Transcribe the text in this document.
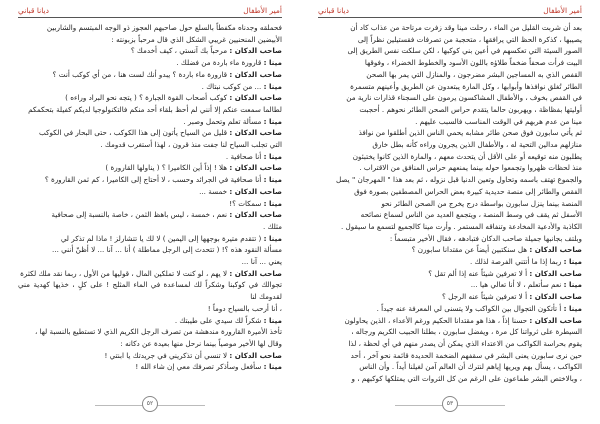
أمير الأطفال
ديانا قباني

فحملقه وجدناه مكفطاً بالسلع حول صاحبهم العجوز ذو الوجه المبتسم والشاربين

الأبيضين المنحنيين غريبي الشكل الذي قال مرحباً بزبونته :

صاحب الدكان : مرحباً بك آنستي ، كيف أخدمك ؟

مينا : قارورة ماء باردة من فضلك .

صاحب الدكان : قارورة ماء باردة ؟ يبدو أنك لست هنا ، من أي كوكب أنت ؟

مينا : ... من كوكب نبتاك .

صاحب الدكان : كوكب أصحاب القوة الجبارة ؟ ( يتجه نحو البراد وراءه )

لطالما سمعت عنكم إلا أنني لم أحظ بلقاء أحد منكم فالتكنولوجيا لديكم كفيلة بتحكمكم

مينا : مسألة تعلم وتحمل وصبر .

صاحب الدكان : قليل من السياح يأتون إلى هذا الكوكب ، حتى البحار في الكوكب

التي تجلب السياح لنا جفت منذ قرون ، لهذا أستغرب قدومك .

مينا : أنا صحافية .

صاحب الدكان : هلا ! إذاً أين الكاميرا ؟ ( يناولها القارورة )

مينا : أنا صحافية في الجرائد وحسب ، لا أحتاج إلى الكاميرا ، كم ثمن القارورة ؟

صاحب الدكان : خمسة ...

مينا : سمكات ؟!

صاحب الدكان : نعم ، خمسة ، ليس باهظ الثمن ، خاصة بالنسبة إلى صحافية

مثلك .

مينا : ( تتقدم متيرة بوجهها إلى اليمين ) لا لك يا تتشارلز ! ماذا لم تذكر لي

مسألة النقود هذه ؟! ( تتحدث إلى الرجل مماطلة ) أنا ... آنا ... لا أظنّ أنني ...

يعني ... آنا ...

صاحب الدكان : لا يهم ، لو كنت لا تملكين المال ، قوليها من الأول ، ربما نقد ملك لكثرة

تجوالك في كوكبنا وشكراً لك لمساعدة في الماء المثلج ! على كلٍ ، خذيها كهدية مني لقدومك لنا

، أنا أرحب بالسياح دوماً !

مينا : شكراً لك سيدي على طيبتك .

تأخذ الأميرة القارورة مندهشة من تصرف الرجل الكريم الذي لا تستطيع بالنسبة لها ،

وقال لها الأخير موصياً بينما نرحل منها بعيدة عن دكانه :

صاحب الدكان : لا تنسي أن تذكريني في جريدتك يا ابنتي !

مينا : سأفعل وسأذكر تصرفك معي إن شاء الله !

٥٢
أمير الأطفال
ديانا قباني

بعد أن شربت القليل من الماء ، رحلت مينا وقد زفرت مرتاحة من عذاب كاد أن

يصيبها ، كذكرة الحظ التي يرافقها ، متحجبة من تصرفات فقستيلين نظراً إلى

الصور السيئة التي تعكسهم في أعين بني كوكبها ، لكن سلكت نفس الطريق إلى

البيت فرأت صحفاً ضخماً طلاؤه باللون الأسود والخطوط الخضراء ، وفوقها

القفص الذي به المساجين البشر مضرجون ، والمنازل التي يمر بها الصحن

الطائر تُغلق نوافذها وأبوابها ، وكل المارة يبتعدون عن الطريق وأعينهم متسمرة

في القفص بخوف ، والأطفال المشاكسون يرمون على السجناء قذارات نارية من

أوليتها بفظاظة ، ويهربون حالما يتقدم حراس الصحن الطائر نحوهم . أحجبت

مينا من عدم هربهم في الوقت المناسب فالسبب عليهم .

ثم يأتي سابورن فوق صحن طائر مشابه يحمي الناس الذين أطلقوا من نوافذ

منازلهم مدالين التحية له ، والأطفال الذين يجرون وراءه كأنه بطل خارق

يطلبون منه توقيعه أو على الأقل أن يتحدث معهم ، والمارة الذين كانوا يختبئون

منذ لحظات ظهروا وتجمعوا حوله بينما يمنعهم حراس المنافق من الاقتراب .

والجموع تهتف باسمه وتحاول وتعين الدنيا قبل نزوله ، ثم بعد هذا " المهرجان " يصل

الفقص والطائر إلى منصة حديدية كبيرة بعض الحراس المصطفين بصورة فوق

المنصة بينما ينزل سابورن بواسطة درج يخرج من الصحن الطائر نحو

الأسفل ثم يقف في وسط المنصة ، ويتجمع العديد من الناس لسماع نصائحه

الكاذبة والأدعية المخادعة وتنفاقه المستمر . وأرت مينا كالجميع لتسمع ما سيقول .

وبلتف بجانبها جميلة صاحب الدكان فتبادهه ، فقال الأخير متبسماً :

صاحب الدكان : هل سنكتبين أيضاً عن مقتدانا سابورن ؟

مينا : ربما إذا ما أتتني الفرصة لذلك .

صاحب الدكان : أ لا تعرفين شيئاً عنه إذا ألم تقل ؟

مينا : نعم سأتعلم ، لا أنا تعالي هيا ...

صاحب الدكان : أ لا تعرفين شيئاً عنه الرجل ؟

مينا : أ تأتكون التجوال بين الكواكب ولا يتسنى لي المعرفة عنه جيداً .

صاحب الدكان : حسنا إذاً ، هذا هو مقتدانا الحكيم ورغم الأعداء ، الذين يحاولون

السيطرة على ثرواتنا كل مرة ، ويفضل سابورن ، بطلنا الحبيب الكريم ورجاله ،

يقوم بحراسة الكواكب من الاعتداء الذي يمكن أن يصدر منهم في أي لحظة ، لذا

حين نرى سابورن يعنى البشر في سقفهم الضخمة الحديدة قائمة نحو آخر ، أحد

الكواكب ، يسأل بهم ويريها إياهم لنترك أن العالم آمن لغيلنا أيداً . وأن الناس

، وبالاختص البشر طماعون على الرغم من كل الثروات التي يمتلكها كوكبهم ، و

٥٣
